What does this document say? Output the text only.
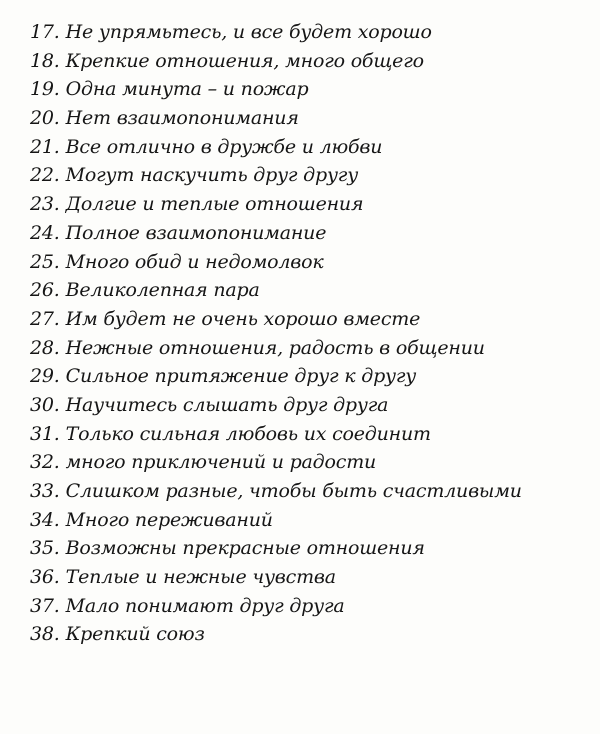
17. Не упрямьтесь, и все будет хорошо
18. Крепкие отношения, много общего
19. Одна минута – и пожар
20. Нет взаимопонимания
21. Все отлично в дружбе и любви
22. Могут наскучить друг другу
23. Долгие и теплые отношения
24. Полное взаимопонимание
25. Много обид и недомолвок
26. Великолепная пара
27. Им будет не очень хорошо вместе
28. Нежные отношения, радость в общении
29. Сильное притяжение друг к другу
30. Научитесь слышать друг друга
31. Только сильная любовь их соединит
32. много приключений и радости
33. Слишком разные, чтобы быть счастливыми
34. Много переживаний
35. Возможны прекрасные отношения
36. Теплые и нежные чувства
37. Мало понимают друг друга
38. Крепкий союз
